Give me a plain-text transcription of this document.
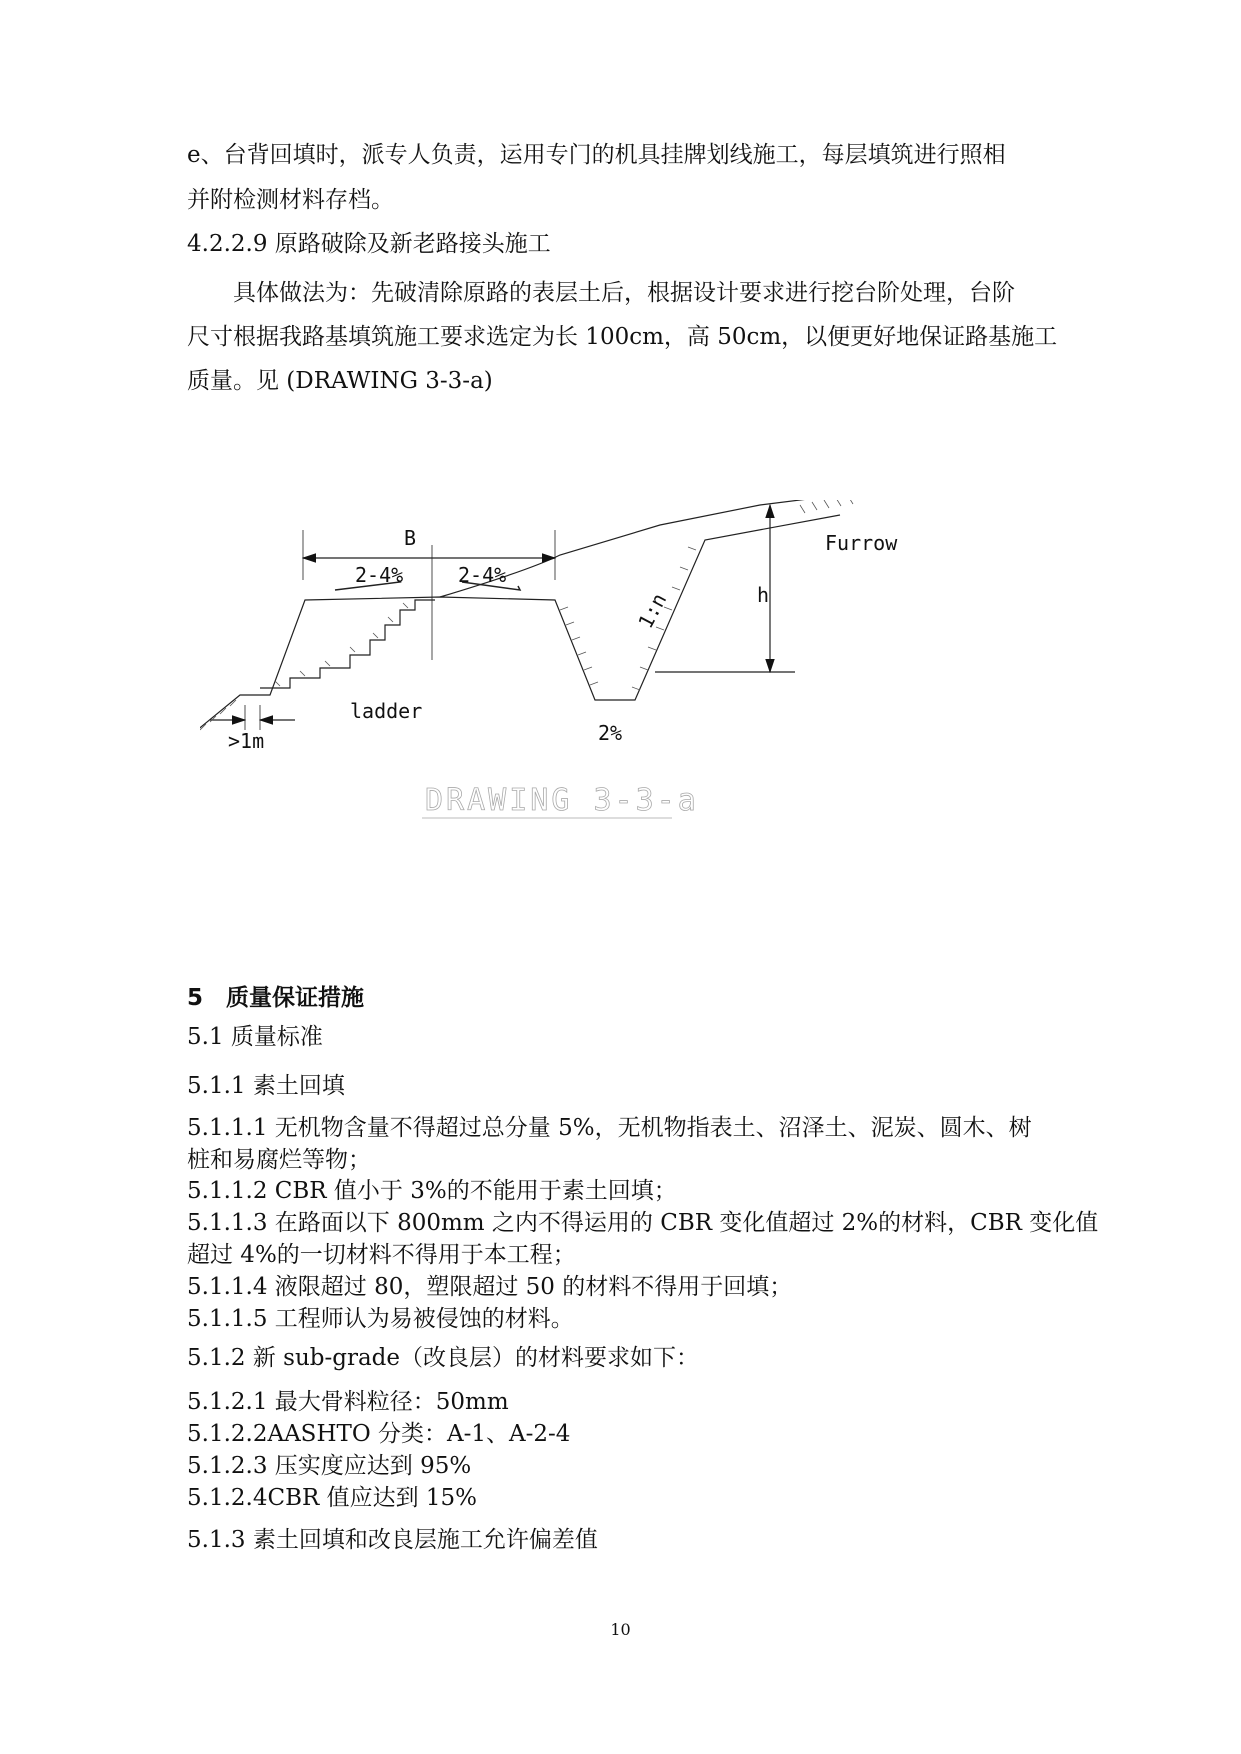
e、台背回填时，派专人负责，运用专门的机具挂牌划线施工，每层填筑进行照相

并附检测材料存档。

4.2.2.9 原路破除及新老路接头施工

　　具体做法为：先破清除原路的表层土后，根据设计要求进行挖台阶处理，台阶

尺寸根据我路基填筑施工要求选定为长 100cm，高 50cm，以便更好地保证路基施工

质量。见 (DRAWING 3-3-a)

B
2-4%	2-4%
h
1:n
Furrow
ladder
>1m	2%
DRAWING 3-3-a

5　质量保证措施

5.1 质量标准

5.1.1 素土回填

5.1.1.1 无机物含量不得超过总分量 5%，无机物指表土、沼泽土、泥炭、圆木、树

桩和易腐烂等物；

5.1.1.2 CBR 值小于 3%的不能用于素土回填；

5.1.1.3 在路面以下 800mm 之内不得运用的 CBR 变化值超过 2%的材料，CBR 变化值

超过 4%的一切材料不得用于本工程；

5.1.1.4 液限超过 80，塑限超过 50 的材料不得用于回填；

5.1.1.5 工程师认为易被侵蚀的材料。

5.1.2 新 sub-grade（改良层）的材料要求如下：

5.1.2.1 最大骨料粒径：50mm

5.1.2.2AASHTO 分类：A-1、A-2-4

5.1.2.3 压实度应达到 95%

5.1.2.4CBR 值应达到 15%

5.1.3 素土回填和改良层施工允许偏差值

10
